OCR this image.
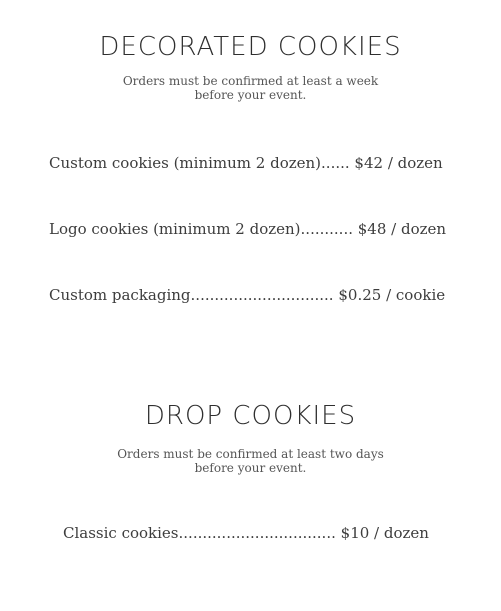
DECORATED COOKIES
Orders must be confirmed at least a week
before your event.
Custom cookies (minimum 2 dozen)...... $42 / dozen
Logo cookies (minimum 2 dozen)........... $48 / dozen
Custom packaging.............................. $0.25 / cookie
DROP COOKIES
Orders must be confirmed at least two days
before your event.
Classic cookies................................. $10 / dozen
